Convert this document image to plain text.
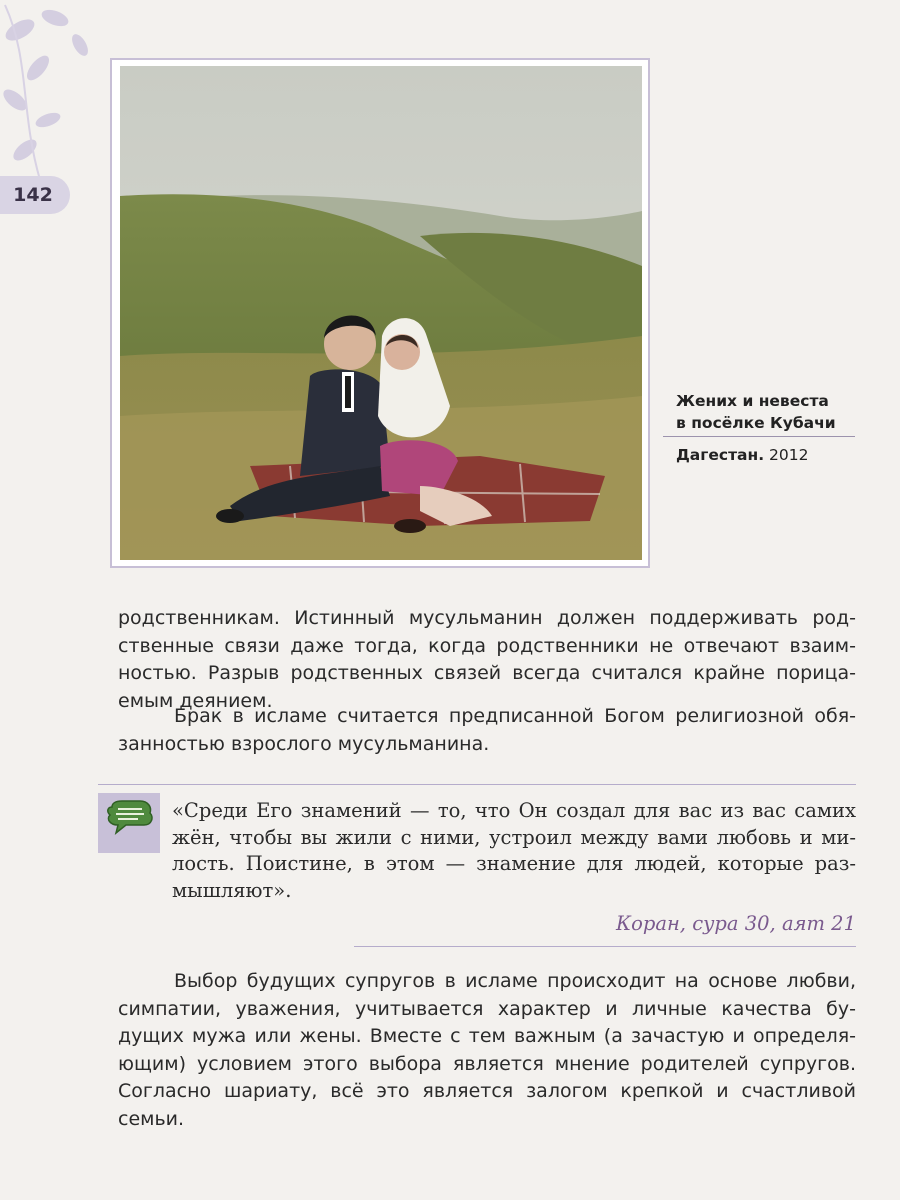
142
Жених и невеста
в посёлке Кубачи
Дагестан. 2012
родственникам. Истинный мусульманин должен поддерживать род-
ственные связи даже тогда, когда родственники не отвечают взаим-
ностью. Разрыв родственных связей всегда считался крайне порица-
емым деянием.
Брак в исламе считается предписанной Богом религиозной обя-
занностью взрослого мусульманина.
«Среди Его знамений — то, что Он создал для вас из вас самих
жён, чтобы вы жили с ними, устроил между вами любовь и ми-
лость. Поистине, в этом — знамение для людей, которые раз-
мышляют».
Коран, сура 30, аят 21
Выбор будущих супругов в исламе происходит на основе любви,
симпатии, уважения, учитывается характер и личные качества бу-
дущих мужа или жены. Вместе с тем важным (а зачастую и определя-
ющим) условием этого выбора является мнение родителей супругов.
Согласно шариату, всё это является залогом крепкой и счастливой
семьи.
